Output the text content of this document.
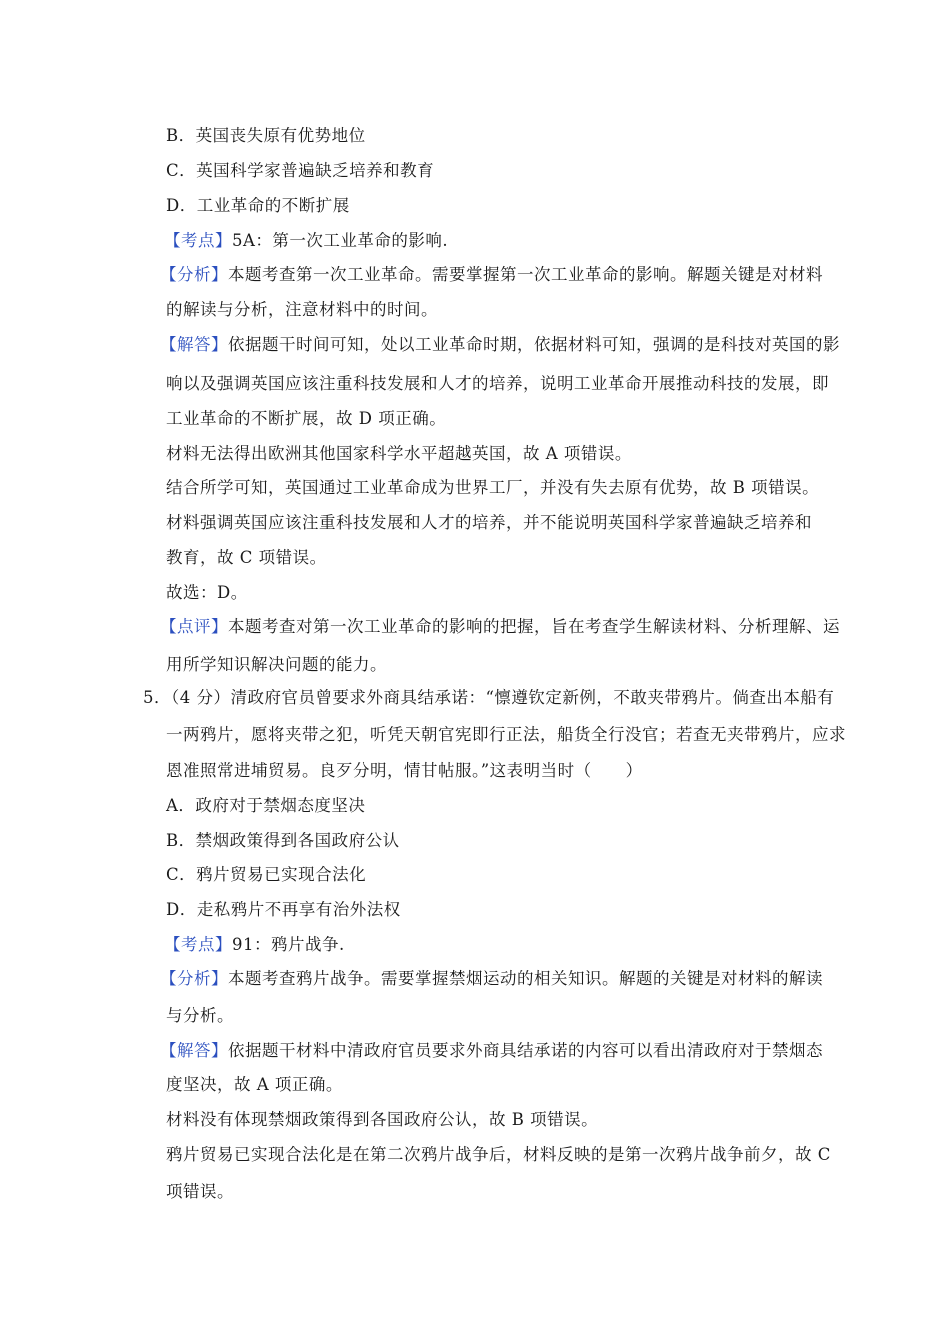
B．英国丧失原有优势地位
C．英国科学家普遍缺乏培养和教育
D．工业革命的不断扩展
【考点】5A：第一次工业革命的影响.
【分析】本题考查第一次工业革命。需要掌握第一次工业革命的影响。解题关键是对材料
的解读与分析，注意材料中的时间。
【解答】依据题干时间可知，处以工业革命时期，依据材料可知，强调的是科技对英国的影
响以及强调英国应该注重科技发展和人才的培养，说明工业革命开展推动科技的发展，即
工业革命的不断扩展，故 D 项正确。
材料无法得出欧洲其他国家科学水平超越英国，故 A 项错误。
结合所学可知，英国通过工业革命成为世界工厂，并没有失去原有优势，故 B 项错误。
材料强调英国应该注重科技发展和人才的培养，并不能说明英国科学家普遍缺乏培养和
教育，故 C 项错误。
故选：D。
【点评】本题考查对第一次工业革命的影响的把握，旨在考查学生解读材料、分析理解、运
用所学知识解决问题的能力。
5．（4 分）清政府官员曾要求外商具结承诺：“懔遵钦定新例，不敢夹带鸦片。倘查出本船有
一两鸦片，愿将夹带之犯，听凭天朝官宪即行正法，船货全行没官；若查无夹带鸦片，应求
恩准照常进埔贸易。良歹分明，情甘帖服。”这表明当时（　　）
A．政府对于禁烟态度坚决
B．禁烟政策得到各国政府公认
C．鸦片贸易已实现合法化
D．走私鸦片不再享有治外法权
【考点】91：鸦片战争.
【分析】本题考查鸦片战争。需要掌握禁烟运动的相关知识。解题的关键是对材料的解读
与分析。
【解答】依据题干材料中清政府官员要求外商具结承诺的内容可以看出清政府对于禁烟态
度坚决，故 A 项正确。
材料没有体现禁烟政策得到各国政府公认，故 B 项错误。
鸦片贸易已实现合法化是在第二次鸦片战争后，材料反映的是第一次鸦片战争前夕，故 C
项错误。
